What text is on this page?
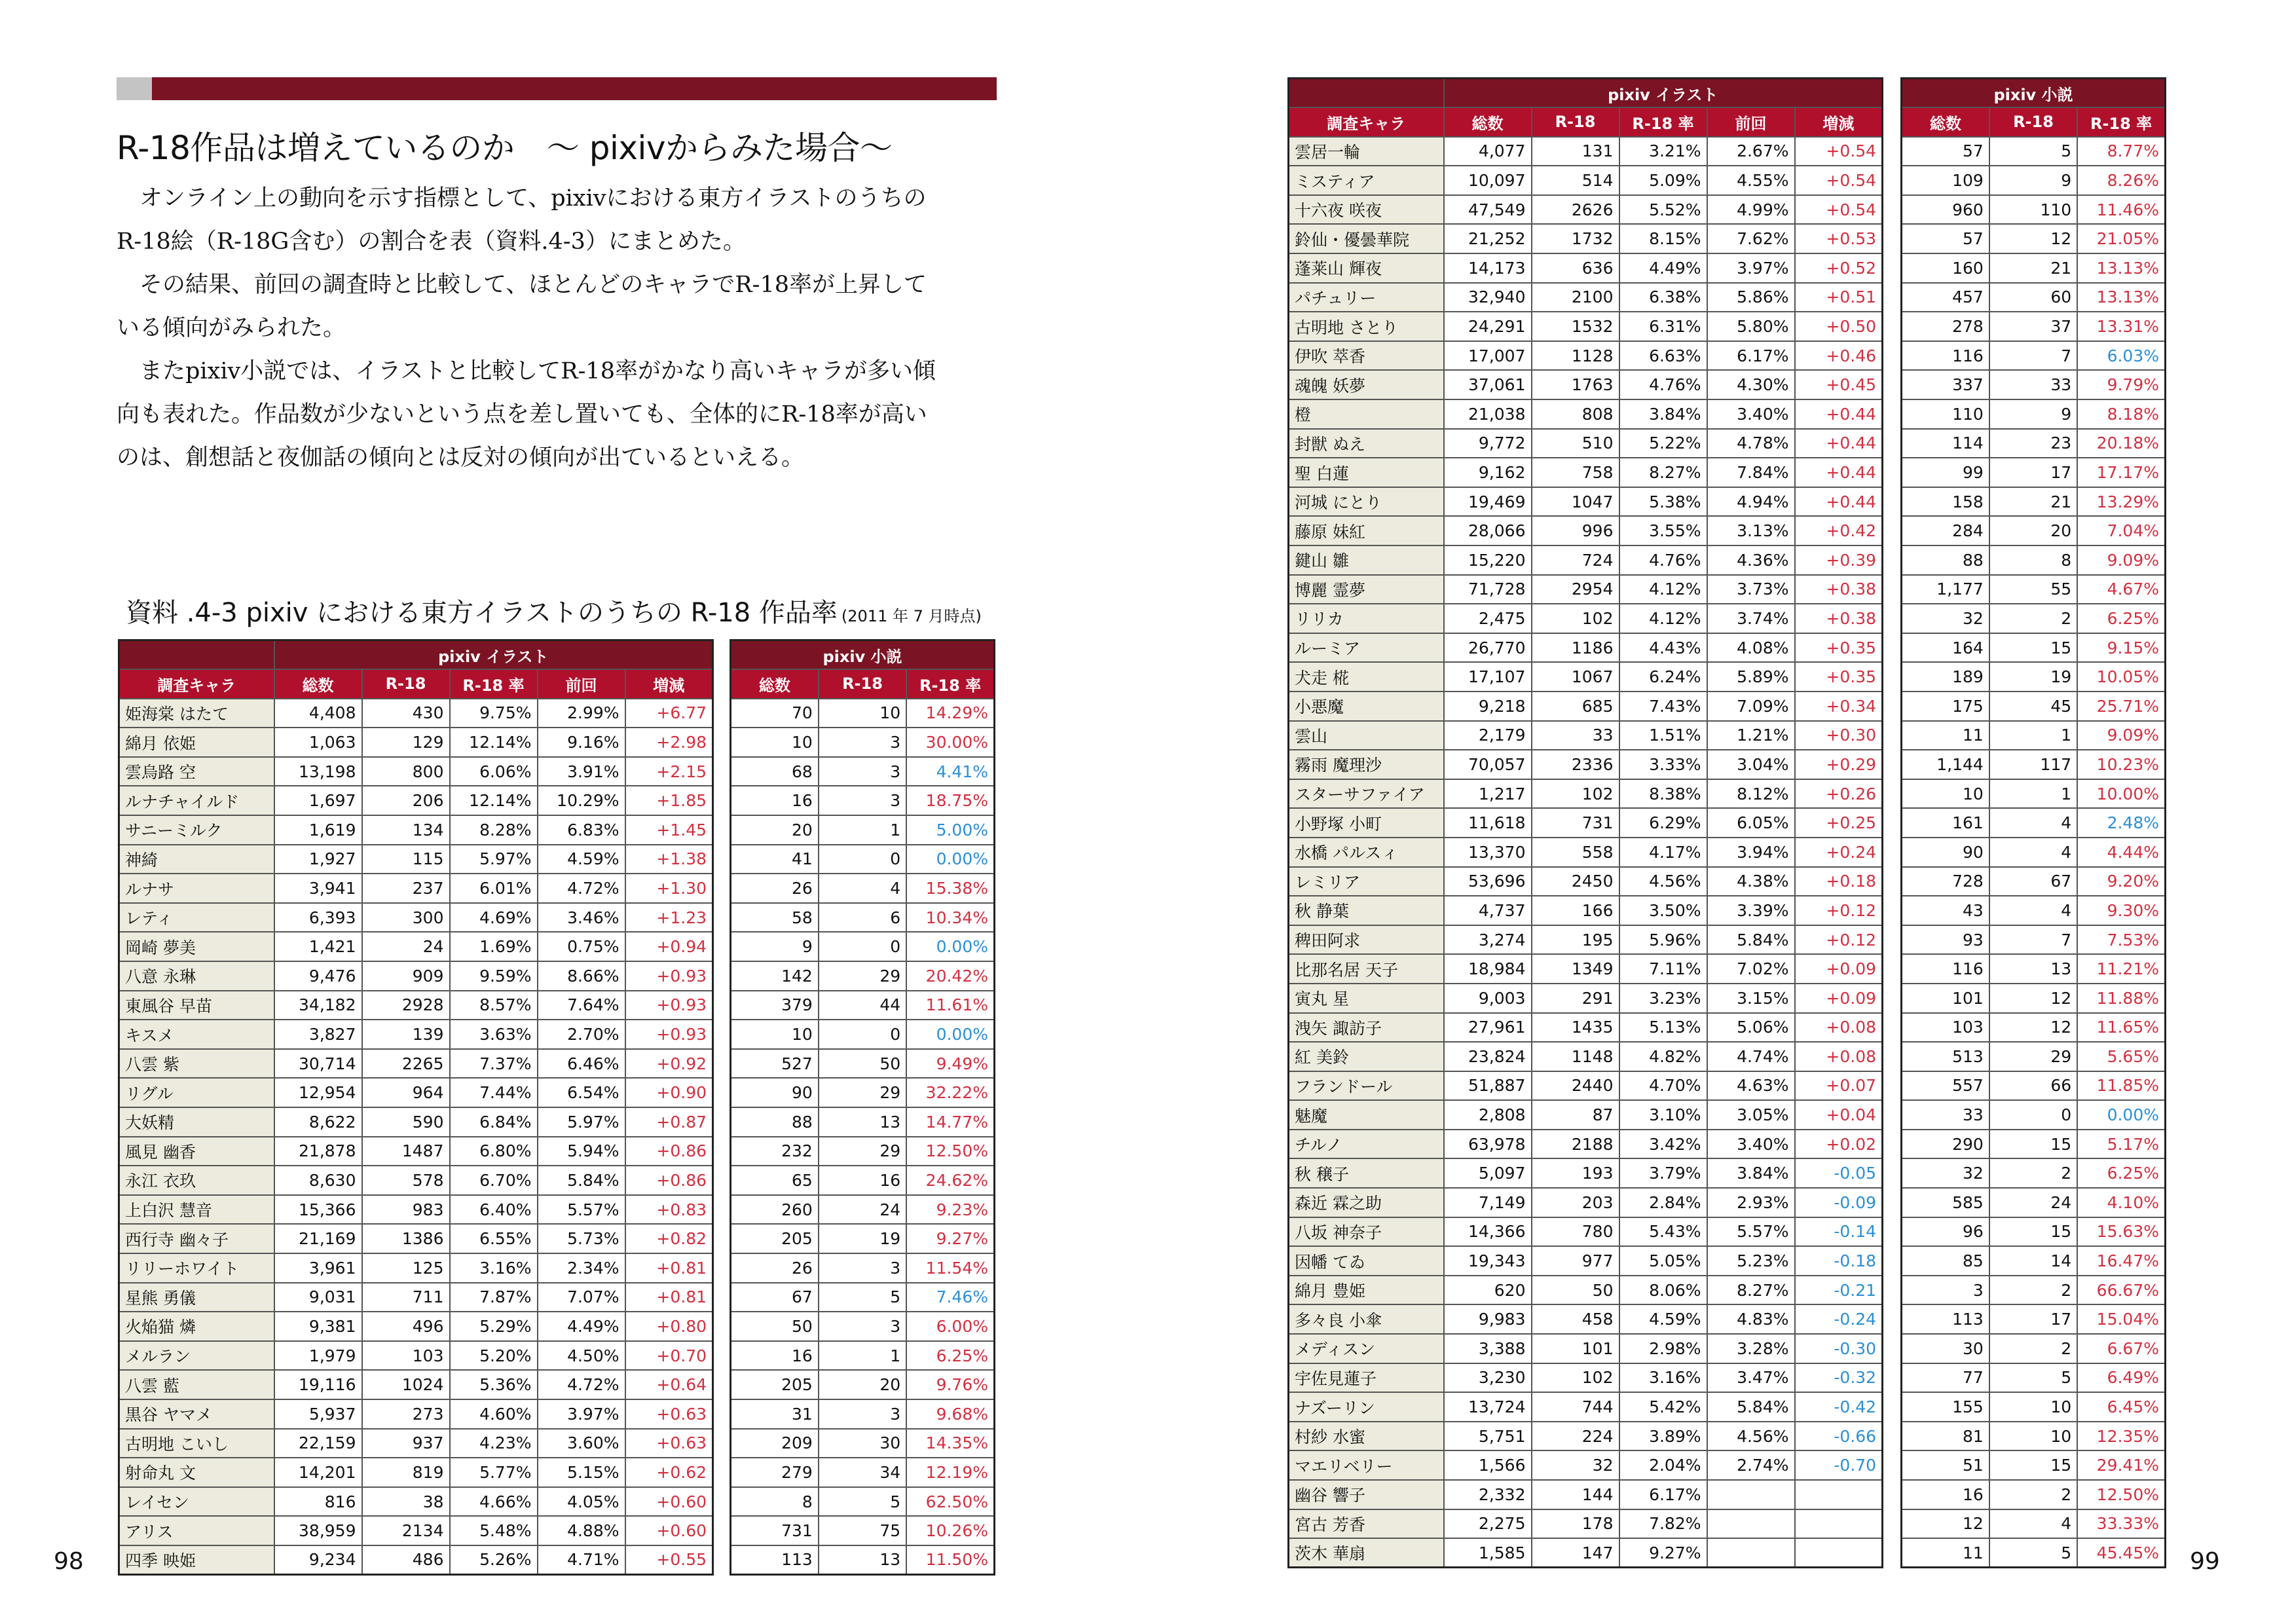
R-18作品は増えているのか　～ pixivからみた場合～

オンライン上の動向を示す指標として、pixivにおける東方イラストのうちの

R-18絵（R-18G含む）の割合を表（資料.4-3）にまとめた。

その結果、前回の調査時と比較して、ほとんどのキャラでR-18率が上昇して

いる傾向がみられた。

またpixiv小説では、イラストと比較してR-18率がかなり高いキャラが多い傾

向も表れた。作品数が少ないという点を差し置いても、全体的にR-18率が高い

のは、創想話と夜伽話の傾向とは反対の傾向が出ているといえる。

資料 .4-3 pixiv における東方イラストのうちの R-18 作品率 (2011 年 7 月時点)
98	99
	pixiv イラスト				
調査キャラ	総数	R-18	R-18 率	前回	増減
姫海棠 はたて	4,408	430	9.75%	2.99%	+6.77
綿月 依姫	1,063	129	12.14%	9.16%	+2.98
雲烏路 空	13,198	800	6.06%	3.91%	+2.15
ルナチャイルド	1,697	206	12.14%	10.29%	+1.85
サニーミルク	1,619	134	8.28%	6.83%	+1.45
神綺	1,927	115	5.97%	4.59%	+1.38
ルナサ	3,941	237	6.01%	4.72%	+1.30
レティ	6,393	300	4.69%	3.46%	+1.23
岡崎 夢美	1,421	24	1.69%	0.75%	+0.94
八意 永琳	9,476	909	9.59%	8.66%	+0.93
東風谷 早苗	34,182	2928	8.57%	7.64%	+0.93
キスメ	3,827	139	3.63%	2.70%	+0.93
八雲 紫	30,714	2265	7.37%	6.46%	+0.92
リグル	12,954	964	7.44%	6.54%	+0.90
大妖精	8,622	590	6.84%	5.97%	+0.87
風見 幽香	21,878	1487	6.80%	5.94%	+0.86
永江 衣玖	8,630	578	6.70%	5.84%	+0.86
上白沢 慧音	15,366	983	6.40%	5.57%	+0.83
西行寺 幽々子	21,169	1386	6.55%	5.73%	+0.82
リリーホワイト	3,961	125	3.16%	2.34%	+0.81
星熊 勇儀	9,031	711	7.87%	7.07%	+0.81
火焔猫 燐	9,381	496	5.29%	4.49%	+0.80
メルラン	1,979	103	5.20%	4.50%	+0.70
八雲 藍	19,116	1024	5.36%	4.72%	+0.64
黒谷 ヤマメ	5,937	273	4.60%	3.97%	+0.63
古明地 こいし	22,159	937	4.23%	3.60%	+0.63
射命丸 文	14,201	819	5.77%	5.15%	+0.62
レイセン	816	38	4.66%	4.05%	+0.60
アリス	38,959	2134	5.48%	4.88%	+0.60
四季 映姫	9,234	486	5.26%	4.71%	+0.55
pixiv 小説		
総数	R-18	R-18 率
70	10	14.29%
10	3	30.00%
68	3	4.41%
16	3	18.75%
20	1	5.00%
41	0	0.00%
26	4	15.38%
58	6	10.34%
9	0	0.00%
142	29	20.42%
379	44	11.61%
10	0	0.00%
527	50	9.49%
90	29	32.22%
88	13	14.77%
232	29	12.50%
65	16	24.62%
260	24	9.23%
205	19	9.27%
26	3	11.54%
67	5	7.46%
50	3	6.00%
16	1	6.25%
205	20	9.76%
31	3	9.68%
209	30	14.35%
279	34	12.19%
8	5	62.50%
731	75	10.26%
113	13	11.50%
	pixiv イラスト				
調査キャラ	総数	R-18	R-18 率	前回	増減
雲居一輪	4,077	131	3.21%	2.67%	+0.54
ミスティア	10,097	514	5.09%	4.55%	+0.54
十六夜 咲夜	47,549	2626	5.52%	4.99%	+0.54
鈴仙・優曇華院	21,252	1732	8.15%	7.62%	+0.53
蓬莱山 輝夜	14,173	636	4.49%	3.97%	+0.52
パチュリー	32,940	2100	6.38%	5.86%	+0.51
古明地 さとり	24,291	1532	6.31%	5.80%	+0.50
伊吹 萃香	17,007	1128	6.63%	6.17%	+0.46
魂魄 妖夢	37,061	1763	4.76%	4.30%	+0.45
橙	21,038	808	3.84%	3.40%	+0.44
封獣 ぬえ	9,772	510	5.22%	4.78%	+0.44
聖 白蓮	9,162	758	8.27%	7.84%	+0.44
河城 にとり	19,469	1047	5.38%	4.94%	+0.44
藤原 妹紅	28,066	996	3.55%	3.13%	+0.42
鍵山 雛	15,220	724	4.76%	4.36%	+0.39
博麗 霊夢	71,728	2954	4.12%	3.73%	+0.38
リリカ	2,475	102	4.12%	3.74%	+0.38
ルーミア	26,770	1186	4.43%	4.08%	+0.35
犬走 椛	17,107	1067	6.24%	5.89%	+0.35
小悪魔	9,218	685	7.43%	7.09%	+0.34
雲山	2,179	33	1.51%	1.21%	+0.30
霧雨 魔理沙	70,057	2336	3.33%	3.04%	+0.29
スターサファイア	1,217	102	8.38%	8.12%	+0.26
小野塚 小町	11,618	731	6.29%	6.05%	+0.25
水橋 パルスィ	13,370	558	4.17%	3.94%	+0.24
レミリア	53,696	2450	4.56%	4.38%	+0.18
秋 静葉	4,737	166	3.50%	3.39%	+0.12
稗田阿求	3,274	195	5.96%	5.84%	+0.12
比那名居 天子	18,984	1349	7.11%	7.02%	+0.09
寅丸 星	9,003	291	3.23%	3.15%	+0.09
洩矢 諏訪子	27,961	1435	5.13%	5.06%	+0.08
紅 美鈴	23,824	1148	4.82%	4.74%	+0.08
フランドール	51,887	2440	4.70%	4.63%	+0.07
魅魔	2,808	87	3.10%	3.05%	+0.04
チルノ	63,978	2188	3.42%	3.40%	+0.02
秋 穣子	5,097	193	3.79%	3.84%	-0.05
森近 霖之助	7,149	203	2.84%	2.93%	-0.09
八坂 神奈子	14,366	780	5.43%	5.57%	-0.14
因幡 てゐ	19,343	977	5.05%	5.23%	-0.18
綿月 豊姫	620	50	8.06%	8.27%	-0.21
多々良 小傘	9,983	458	4.59%	4.83%	-0.24
メディスン	3,388	101	2.98%	3.28%	-0.30
宇佐見蓮子	3,230	102	3.16%	3.47%	-0.32
ナズーリン	13,724	744	5.42%	5.84%	-0.42
村紗 水蜜	5,751	224	3.89%	4.56%	-0.66
マエリベリー	1,566	32	2.04%	2.74%	-0.70
幽谷 響子	2,332	144	6.17%		
宮古 芳香	2,275	178	7.82%		
茨木 華扇	1,585	147	9.27%		
pixiv 小説		
総数	R-18	R-18 率
57	5	8.77%
109	9	8.26%
960	110	11.46%
57	12	21.05%
160	21	13.13%
457	60	13.13%
278	37	13.31%
116	7	6.03%
337	33	9.79%
110	9	8.18%
114	23	20.18%
99	17	17.17%
158	21	13.29%
284	20	7.04%
88	8	9.09%
1,177	55	4.67%
32	2	6.25%
164	15	9.15%
189	19	10.05%
175	45	25.71%
11	1	9.09%
1,144	117	10.23%
10	1	10.00%
161	4	2.48%
90	4	4.44%
728	67	9.20%
43	4	9.30%
93	7	7.53%
116	13	11.21%
101	12	11.88%
103	12	11.65%
513	29	5.65%
557	66	11.85%
33	0	0.00%
290	15	5.17%
32	2	6.25%
585	24	4.10%
96	15	15.63%
85	14	16.47%
3	2	66.67%
113	17	15.04%
30	2	6.67%
77	5	6.49%
155	10	6.45%
81	10	12.35%
51	15	29.41%
16	2	12.50%
12	4	33.33%
11	5	45.45%
